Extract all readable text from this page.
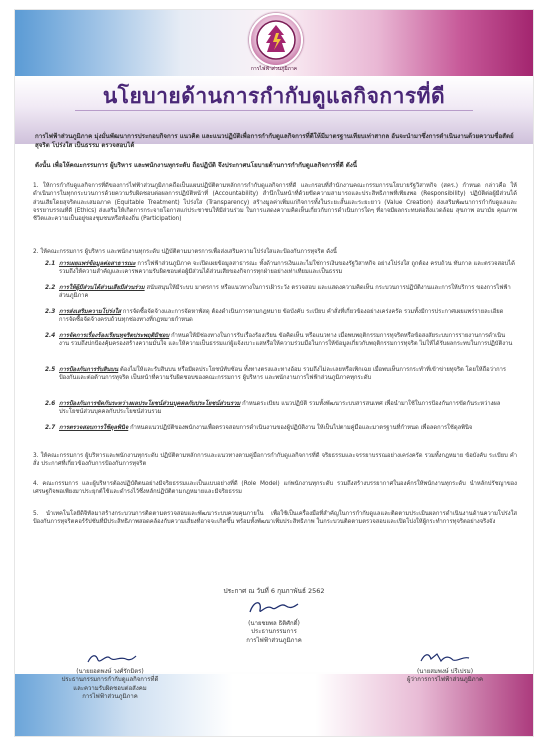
การไฟฟ้าส่วนภูมิภาค
นโยบายด้านการกำกับดูแลกิจการที่ดี
การไฟฟ้าส่วนภูมิภาค มุ่งมั่นพัฒนาการประกอบกิจการ แนวคิด และแนวปฏิบัติเพื่อการกำกับดูแลกิจการที่ดีให้มีมาตรฐานเทียบเท่าสากล อันจะนำมาซึ่งการดำเนินงานด้วยความซื่อสัตย์สุจริต โปร่งใส เป็นธรรม ตรวจสอบได้
ดังนั้น เพื่อให้คณะกรรมการ ผู้บริหาร และพนักงานทุกระดับ ถือปฏิบัติ จึงประกาศนโยบายด้านการกำกับดูแลกิจการที่ดี ดังนี้
1. ให้การกำกับดูแลกิจการที่ดีของการไฟฟ้าส่วนภูมิภาคถือเป็นแผนปฏิบัติตามหลักการกำกับดูแลกิจการที่ดี และกรอบที่สำนักงานคณะกรรมการนโยบายรัฐวิสาหกิจ (สคร.) กำหนด กล่าวคือ ให้ดำเนินการในทุกกระบวนการด้วยความรับผิดชอบต่อผลการปฏิบัติหน้าที่ (Accountability) สำนึกในหน้าที่ด้วยขีดความสามารถและประสิทธิภาพที่เพียงพอ (Responsibility) ปฏิบัติต่อผู้มีส่วนได้ส่วนเสียโดยสุจริตและเสมอภาค (Equitable Treatment) โปร่งใส (Transparency) สร้างมูลค่าเพิ่มแก่กิจการทั้งในระยะสั้นและระยะยาว (Value Creation) ส่งเสริมพัฒนาการกำกับดูแลและจรรยาบรรณที่ดี (Ethics) ส่งเสริมให้เกิดการกระจายโอกาสแก่ประชาชนให้มีส่วนร่วม ในการแสดงความคิดเห็นเกี่ยวกับการดำเนินการใดๆ ที่อาจมีผลกระทบต่อสิ่งแวดล้อม สุขภาพ อนามัย คุณภาพชีวิตและความเป็นอยู่ของชุมชนหรือท้องถิ่น (Participation)
2. ให้คณะกรรมการ ผู้บริหาร และพนักงานทุกระดับ ปฏิบัติตามมาตรการเพื่อส่งเสริมความโปร่งใสและป้องกันการทุจริต ดังนี้
2.1 การเผยแพร่ข้อมูลต่อสาธารณะ การไฟฟ้าส่วนภูมิภาค จะเปิดเผยข้อมูลสาธารณะ ทั้งด้านการเงินและไม่ใช่การเงินของรัฐวิสาหกิจ อย่างโปร่งใส ถูกต้อง ครบถ้วน ทันกาล และตรวจสอบได้ รวมถึงให้ความสำคัญและเคารพความรับผิดชอบต่อผู้มีส่วนได้ส่วนเสียของกิจการทุกฝ่ายอย่างเท่าเทียมและเป็นธรรม
2.2 การให้ผู้มีส่วนได้ส่วนเสียมีส่วนร่วม สนับสนุนให้มีระบบ มาตรการ หรือแนวทางในการเฝ้าระวัง ตรวจสอบ และแสดงความคิดเห็น กระบวนการปฏิบัติงานและการให้บริการ ของการไฟฟ้าส่วนภูมิภาค
2.3 การส่งเสริมความโปร่งใส การจัดซื้อจัดจ้างและการจัดหาพัสดุ ต้องดำเนินการตามกฎหมาย ข้อบังคับ ระเบียบ คำสั่งที่เกี่ยวข้องอย่างเคร่งครัด รวมทั้งมีการประกาศเผยแพร่รายละเอียด การจัดซื้อจัดจ้างครบถ้วนทุกช่องทางที่กฎหมายกำหนด
2.4 การจัดการเรื่องร้องเรียนทุจริตประพฤติมิชอบ กำหนดให้มีช่องทางในการรับเรื่องร้องเรียน ข้อคิดเห็น หรือแนวทาง เมื่อพบพฤติกรรมการทุจริตหรือข้อสงสัยระบบการรายงานการดำเนินงาน รวมถึงปกป้องคุ้มครองสร้างความมั่นใจ และให้ความเป็นธรรมแก่ผู้แจ้งเบาะแสหรือให้ความร่วมมือในการให้ข้อมูลเกี่ยวกับพฤติกรรมการทุจริต ไม่ให้ได้รับผลกระทบในการปฏิบัติงาน
2.5 การป้องกันการรับสินบน ต้องไม่ให้และรับสินบน หรือมีผลประโยชน์ทับซ้อน ทั้งทางตรงและทางอ้อม รวมถึงไม่ละเลยหรือเพิกเฉย เมื่อพบเห็นการกระทำที่เข้าข่ายทุจริต โดยให้ถือว่าการป้องกันและต่อต้านการทุจริต เป็นหน้าที่ความรับผิดชอบของคณะกรรมการ ผู้บริหาร และพนักงานการไฟฟ้าส่วนภูมิภาคทุกระดับ
2.6 การป้องกันการขัดกันระหว่างผลประโยชน์ส่วนบุคคลกับประโยชน์ส่วนรวม กำหนดระเบียบ แนวปฏิบัติ รวมทั้งพัฒนาระบบสารสนเทศ เพื่อนำมาใช้ในการป้องกันการขัดกันระหว่างผลประโยชน์ส่วนบุคคลกับประโยชน์ส่วนรวม
2.7 การตรวจสอบการใช้ดุลพินิจ กำหนดแนวปฏิบัติของพนักงานเพื่อตรวจสอบการดำเนินงานของผู้ปฏิบัติงาน ให้เป็นไปตามคู่มือและมาตรฐานที่กำหนด เพื่อลดการใช้ดุลพินิจ
3. ให้คณะกรรมการ ผู้บริหารและพนักงานทุกระดับ ปฏิบัติตามหลักการและแนวทางตามคู่มือการกำกับดูแลกิจการที่ดี จริยธรรมและจรรยาบรรณอย่างเคร่งครัด รวมทั้งกฎหมาย ข้อบังคับ ระเบียบ คำสั่ง ประกาศที่เกี่ยวข้องกับการป้องกันการทุจริต
4. คณะกรรมการ และผู้บริหารต้องปฏิบัติตนอย่างมีจริยธรรมและเป็นแบบอย่างที่ดี (Role Model) แก่พนักงานทุกระดับ รวมถึงสร้างบรรยากาศในองค์กรให้พนักงานทุกระดับ นำหลักปรัชญาของเศรษฐกิจพอเพียงมาประยุกต์ใช้และดำรงไว้ซึ่งหลักปฏิบัติตามกฎหมายและมีจริยธรรม
5. นำเทคโนโลยีดิจิทัลมาสร้างกระบวนการติดตามตรวจสอบและพัฒนาระบบควบคุมภายใน เพื่อใช้เป็นเครื่องมือที่สำคัญในการกำกับดูแลและติดตามประเมินผลการดำเนินงานด้านความโปร่งใส ป้องกันการทุจริตคอร์รัปชันที่มีประสิทธิภาพสอดคล้องกับความเสี่ยงที่อาจจะเกิดขึ้น พร้อมทั้งพัฒนาเพิ่มประสิทธิภาพ ในกระบวนติดตามตรวจสอบและเปิดโปงให้ผู้กระทำการทุจริตอย่างจริงจัง
ประกาศ ณ วันที่ 6 กุมภาพันธ์ 2562
(นายชยพล ธิติศักดิ์)
ประธานกรรมการ
การไฟฟ้าส่วนภูมิภาค
(นายยอดพงษ์ วงศ์รักมิตร)
ประธานกรรมการกำกับดูแลกิจการที่ดี
และความรับผิดชอบต่อสังคม
การไฟฟ้าส่วนภูมิภาค
(นายสมพงษ์ ปรีเปรม)
ผู้ว่าการการไฟฟ้าส่วนภูมิภาค
